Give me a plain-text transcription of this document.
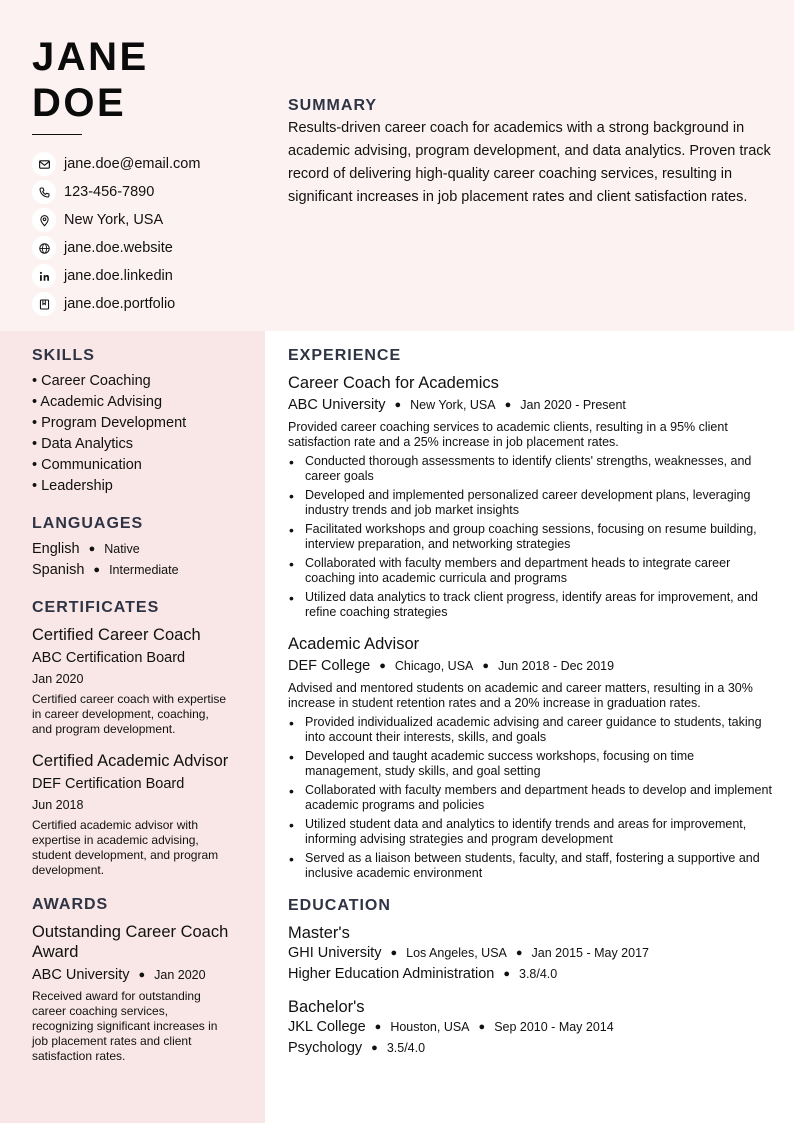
JANE
DOE
jane.doe@email.com
123-456-7890
New York, USA
jane.doe.website
jane.doe.linkedin
jane.doe.portfolio
SUMMARY

Results-driven career coach for academics with a strong background in academic advising, program development, and data analytics. Proven track record of delivering high-quality career coaching services, resulting in significant increases in job placement rates and client satisfaction rates.

SKILLS
• Career Coaching
• Academic Advising
• Program Development
• Data Analytics
• Communication
• Leadership
LANGUAGES
English ● Native
Spanish ● Intermediate
CERTIFICATES
Certified Career Coach
ABC Certification Board
Jan 2020
Certified career coach with expertise in career development, coaching, and program development.
Certified Academic Advisor
DEF Certification Board
Jun 2018
Certified academic advisor with expertise in academic advising, student development, and program development.
AWARDS
Outstanding Career Coach Award
ABC University ● Jan 2020
Received award for outstanding career coaching services, recognizing significant increases in job placement rates and client satisfaction rates.
EXPERIENCE
Career Coach for Academics
ABC University ● New York, USA ● Jan 2020 - Present
Provided career coaching services to academic clients, resulting in a 95% client satisfaction rate and a 25% increase in job placement rates.
• Conducted thorough assessments to identify clients' strengths, weaknesses, and career goals
• Developed and implemented personalized career development plans, leveraging industry trends and job market insights
• Facilitated workshops and group coaching sessions, focusing on resume building, interview preparation, and networking strategies
• Collaborated with faculty members and department heads to integrate career coaching into academic curricula and programs
• Utilized data analytics to track client progress, identify areas for improvement, and refine coaching strategies
Academic Advisor
DEF College ● Chicago, USA ● Jun 2018 - Dec 2019
Advised and mentored students on academic and career matters, resulting in a 30% increase in student retention rates and a 20% increase in graduation rates.
• Provided individualized academic advising and career guidance to students, taking into account their interests, skills, and goals
• Developed and taught academic success workshops, focusing on time management, study skills, and goal setting
• Collaborated with faculty members and department heads to develop and implement academic programs and policies
• Utilized student data and analytics to identify trends and areas for improvement, informing advising strategies and program development
• Served as a liaison between students, faculty, and staff, fostering a supportive and inclusive academic environment
EDUCATION
Master's
GHI University ● Los Angeles, USA ● Jan 2015 - May 2017
Higher Education Administration ● 3.8/4.0
Bachelor's
JKL College ● Houston, USA ● Sep 2010 - May 2014
Psychology ● 3.5/4.0
